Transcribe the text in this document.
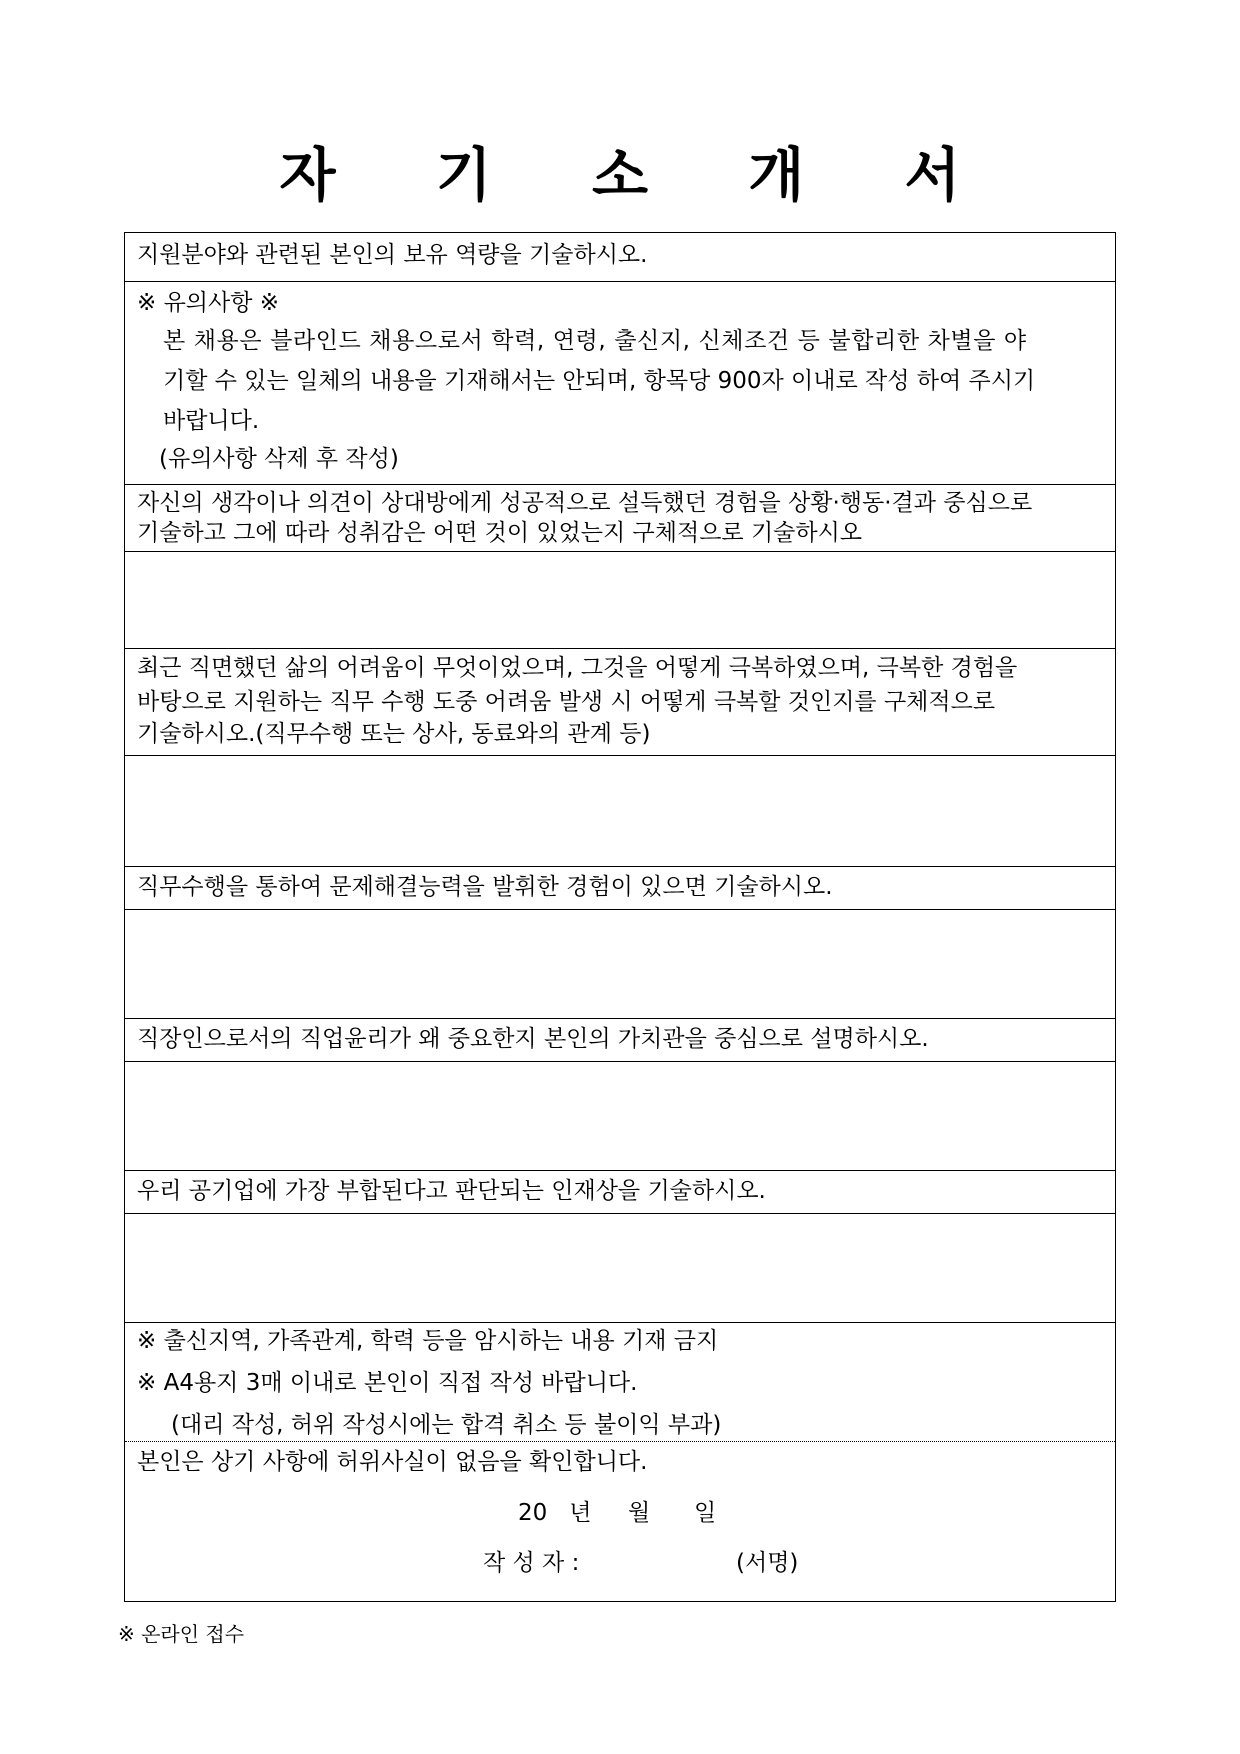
자 기 소 개 서
지원분야와 관련된 본인의 보유 역량을 기술하시오.
※ 유의사항 ※
본 채용은 블라인드 채용으로서 학력, 연령, 출신지, 신체조건 등 불합리한 차별을 야
기할 수 있는 일체의 내용을 기재해서는 안되며, 항목당 900자 이내로 작성 하여 주시기
바랍니다.
(유의사항 삭제 후 작성)
자신의 생각이나 의견이 상대방에게 성공적으로 설득했던 경험을 상황·행동·결과 중심으로
기술하고 그에 따라 성취감은 어떤 것이 있었는지 구체적으로 기술하시오
최근 직면했던 삶의 어려움이 무엇이었으며, 그것을 어떻게 극복하였으며, 극복한 경험을
바탕으로 지원하는 직무 수행 도중 어려움 발생 시 어떻게 극복할 것인지를 구체적으로
기술하시오.(직무수행 또는 상사, 동료와의 관계 등)
직무수행을 통하여 문제해결능력을 발휘한 경험이 있으면 기술하시오.
직장인으로서의 직업윤리가 왜 중요한지 본인의 가치관을 중심으로 설명하시오.
우리 공기업에 가장 부합된다고 판단되는 인재상을 기술하시오.
※ 출신지역, 가족관계, 학력 등을 암시하는 내용 기재 금지
※ A4용지 3매 이내로 본인이 직접 작성 바랍니다.
(대리 작성, 허위 작성시에는 합격 취소 등 불이익 부과)
본인은 상기 사항에 허위사실이 없음을 확인합니다.
20   년     월      일
작 성 자 :	(서명)
※ 온라인 접수
